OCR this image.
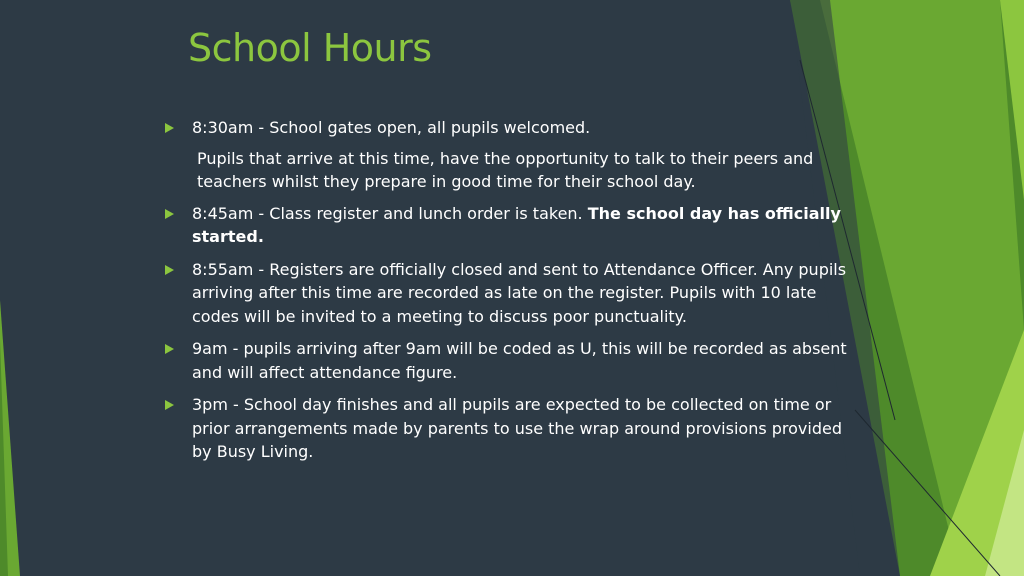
School Hours
8:30am - School gates open, all pupils welcomed.
Pupils that arrive at this time, have the opportunity to talk to their peers and teachers whilst they prepare in good time for their school day.
8:45am - Class register and lunch order is taken. The school day has officially started.
8:55am - Registers are officially closed and sent to Attendance Officer. Any pupils arriving after this time are recorded as late on the register. Pupils with 10 late codes will be invited to a meeting to discuss poor punctuality.
9am - pupils arriving after 9am will be coded as U, this will be recorded as absent and will affect attendance figure.
3pm - School day finishes and all pupils are expected to be collected on time or prior arrangements made by parents to use the wrap around provisions provided by Busy Living.
